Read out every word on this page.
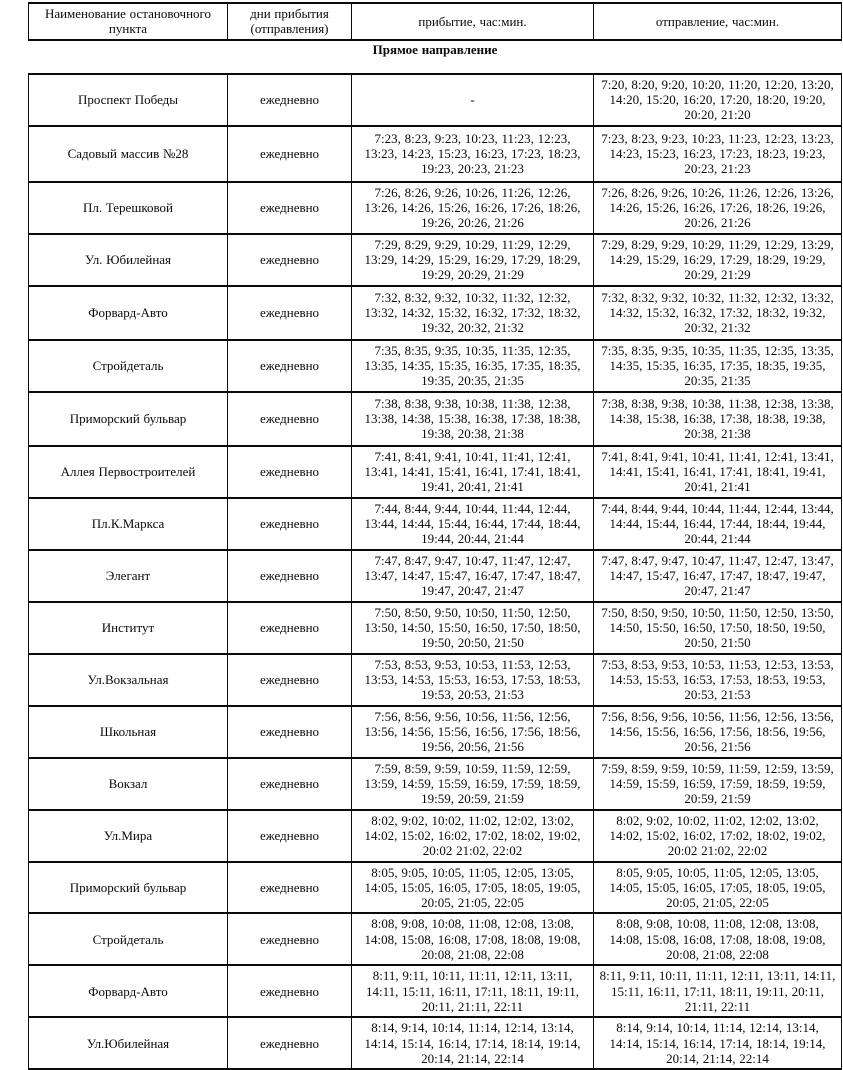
Наименование остановочного пункта	дни прибытия (отправления)	прибытие, час:мин.	отправление, час:мин.
Прямое направление			
Проспект Победы	ежедневно	-	7:20, 8:20, 9:20, 10:20, 11:20, 12:20, 13:20, 14:20, 15:20, 16:20, 17:20, 18:20, 19:20, 20:20, 21:20
Садовый массив №28	ежедневно	7:23, 8:23, 9:23, 10:23, 11:23, 12:23, 13:23, 14:23, 15:23, 16:23, 17:23, 18:23, 19:23, 20:23, 21:23	7:23, 8:23, 9:23, 10:23, 11:23, 12:23, 13:23, 14:23, 15:23, 16:23, 17:23, 18:23, 19:23, 20:23, 21:23
Пл. Терешковой	ежедневно	7:26, 8:26, 9:26, 10:26, 11:26, 12:26, 13:26, 14:26, 15:26, 16:26, 17:26, 18:26, 19:26, 20:26, 21:26	7:26, 8:26, 9:26, 10:26, 11:26, 12:26, 13:26, 14:26, 15:26, 16:26, 17:26, 18:26, 19:26, 20:26, 21:26
Ул. Юбилейная	ежедневно	7:29, 8:29, 9:29, 10:29, 11:29, 12:29, 13:29, 14:29, 15:29, 16:29, 17:29, 18:29, 19:29, 20:29, 21:29	7:29, 8:29, 9:29, 10:29, 11:29, 12:29, 13:29, 14:29, 15:29, 16:29, 17:29, 18:29, 19:29, 20:29, 21:29
Форвард-Авто	ежедневно	7:32, 8:32, 9:32, 10:32, 11:32, 12:32, 13:32, 14:32, 15:32, 16:32, 17:32, 18:32, 19:32, 20:32, 21:32	7:32, 8:32, 9:32, 10:32, 11:32, 12:32, 13:32, 14:32, 15:32, 16:32, 17:32, 18:32, 19:32, 20:32, 21:32
Стройдеталь	ежедневно	7:35, 8:35, 9:35, 10:35, 11:35, 12:35, 13:35, 14:35, 15:35, 16:35, 17:35, 18:35, 19:35, 20:35, 21:35	7:35, 8:35, 9:35, 10:35, 11:35, 12:35, 13:35, 14:35, 15:35, 16:35, 17:35, 18:35, 19:35, 20:35, 21:35
Приморский бульвар	ежедневно	7:38, 8:38, 9:38, 10:38, 11:38, 12:38, 13:38, 14:38, 15:38, 16:38, 17:38, 18:38, 19:38, 20:38, 21:38	7:38, 8:38, 9:38, 10:38, 11:38, 12:38, 13:38, 14:38, 15:38, 16:38, 17:38, 18:38, 19:38, 20:38, 21:38
Аллея Первостроителей	ежедневно	7:41, 8:41, 9:41, 10:41, 11:41, 12:41, 13:41, 14:41, 15:41, 16:41, 17:41, 18:41, 19:41, 20:41, 21:41	7:41, 8:41, 9:41, 10:41, 11:41, 12:41, 13:41, 14:41, 15:41, 16:41, 17:41, 18:41, 19:41, 20:41, 21:41
Пл.К.Маркса	ежедневно	7:44, 8:44, 9:44, 10:44, 11:44, 12:44, 13:44, 14:44, 15:44, 16:44, 17:44, 18:44, 19:44, 20:44, 21:44	7:44, 8:44, 9:44, 10:44, 11:44, 12:44, 13:44, 14:44, 15:44, 16:44, 17:44, 18:44, 19:44, 20:44, 21:44
Элегант	ежедневно	7:47, 8:47, 9:47, 10:47, 11:47, 12:47, 13:47, 14:47, 15:47, 16:47, 17:47, 18:47, 19:47, 20:47, 21:47	7:47, 8:47, 9:47, 10:47, 11:47, 12:47, 13:47, 14:47, 15:47, 16:47, 17:47, 18:47, 19:47, 20:47, 21:47
Институт	ежедневно	7:50, 8:50, 9:50, 10:50, 11:50, 12:50, 13:50, 14:50, 15:50, 16:50, 17:50, 18:50, 19:50, 20:50, 21:50	7:50, 8:50, 9:50, 10:50, 11:50, 12:50, 13:50, 14:50, 15:50, 16:50, 17:50, 18:50, 19:50, 20:50, 21:50
Ул.Вокзальная	ежедневно	7:53, 8:53, 9:53, 10:53, 11:53, 12:53, 13:53, 14:53, 15:53, 16:53, 17:53, 18:53, 19:53, 20:53, 21:53	7:53, 8:53, 9:53, 10:53, 11:53, 12:53, 13:53, 14:53, 15:53, 16:53, 17:53, 18:53, 19:53, 20:53, 21:53
Школьная	ежедневно	7:56, 8:56, 9:56, 10:56, 11:56, 12:56, 13:56, 14:56, 15:56, 16:56, 17:56, 18:56, 19:56, 20:56, 21:56	7:56, 8:56, 9:56, 10:56, 11:56, 12:56, 13:56, 14:56, 15:56, 16:56, 17:56, 18:56, 19:56, 20:56, 21:56
Вокзал	ежедневно	7:59, 8:59, 9:59, 10:59, 11:59, 12:59, 13:59, 14:59, 15:59, 16:59, 17:59, 18:59, 19:59, 20:59, 21:59	7:59, 8:59, 9:59, 10:59, 11:59, 12:59, 13:59, 14:59, 15:59, 16:59, 17:59, 18:59, 19:59, 20:59, 21:59
Ул.Мира	ежедневно	8:02, 9:02, 10:02, 11:02, 12:02, 13:02, 14:02, 15:02, 16:02, 17:02, 18:02, 19:02, 20:02 21:02, 22:02	8:02, 9:02, 10:02, 11:02, 12:02, 13:02, 14:02, 15:02, 16:02, 17:02, 18:02, 19:02, 20:02 21:02, 22:02
Приморский бульвар	ежедневно	8:05, 9:05, 10:05, 11:05, 12:05, 13:05, 14:05, 15:05, 16:05, 17:05, 18:05, 19:05, 20:05, 21:05, 22:05	8:05, 9:05, 10:05, 11:05, 12:05, 13:05, 14:05, 15:05, 16:05, 17:05, 18:05, 19:05, 20:05, 21:05, 22:05
Стройдеталь	ежедневно	8:08, 9:08, 10:08, 11:08, 12:08, 13:08, 14:08, 15:08, 16:08, 17:08, 18:08, 19:08, 20:08, 21:08, 22:08	8:08, 9:08, 10:08, 11:08, 12:08, 13:08, 14:08, 15:08, 16:08, 17:08, 18:08, 19:08, 20:08, 21:08, 22:08
Форвард-Авто	ежедневно	8:11, 9:11, 10:11, 11:11, 12:11, 13:11, 14:11, 15:11, 16:11, 17:11, 18:11, 19:11, 20:11, 21:11, 22:11	8:11, 9:11, 10:11, 11:11, 12:11, 13:11, 14:11, 15:11, 16:11, 17:11, 18:11, 19:11, 20:11, 21:11, 22:11
Ул.Юбилейная	ежедневно	8:14, 9:14, 10:14, 11:14, 12:14, 13:14, 14:14, 15:14, 16:14, 17:14, 18:14, 19:14, 20:14, 21:14, 22:14	8:14, 9:14, 10:14, 11:14, 12:14, 13:14, 14:14, 15:14, 16:14, 17:14, 18:14, 19:14, 20:14, 21:14, 22:14
